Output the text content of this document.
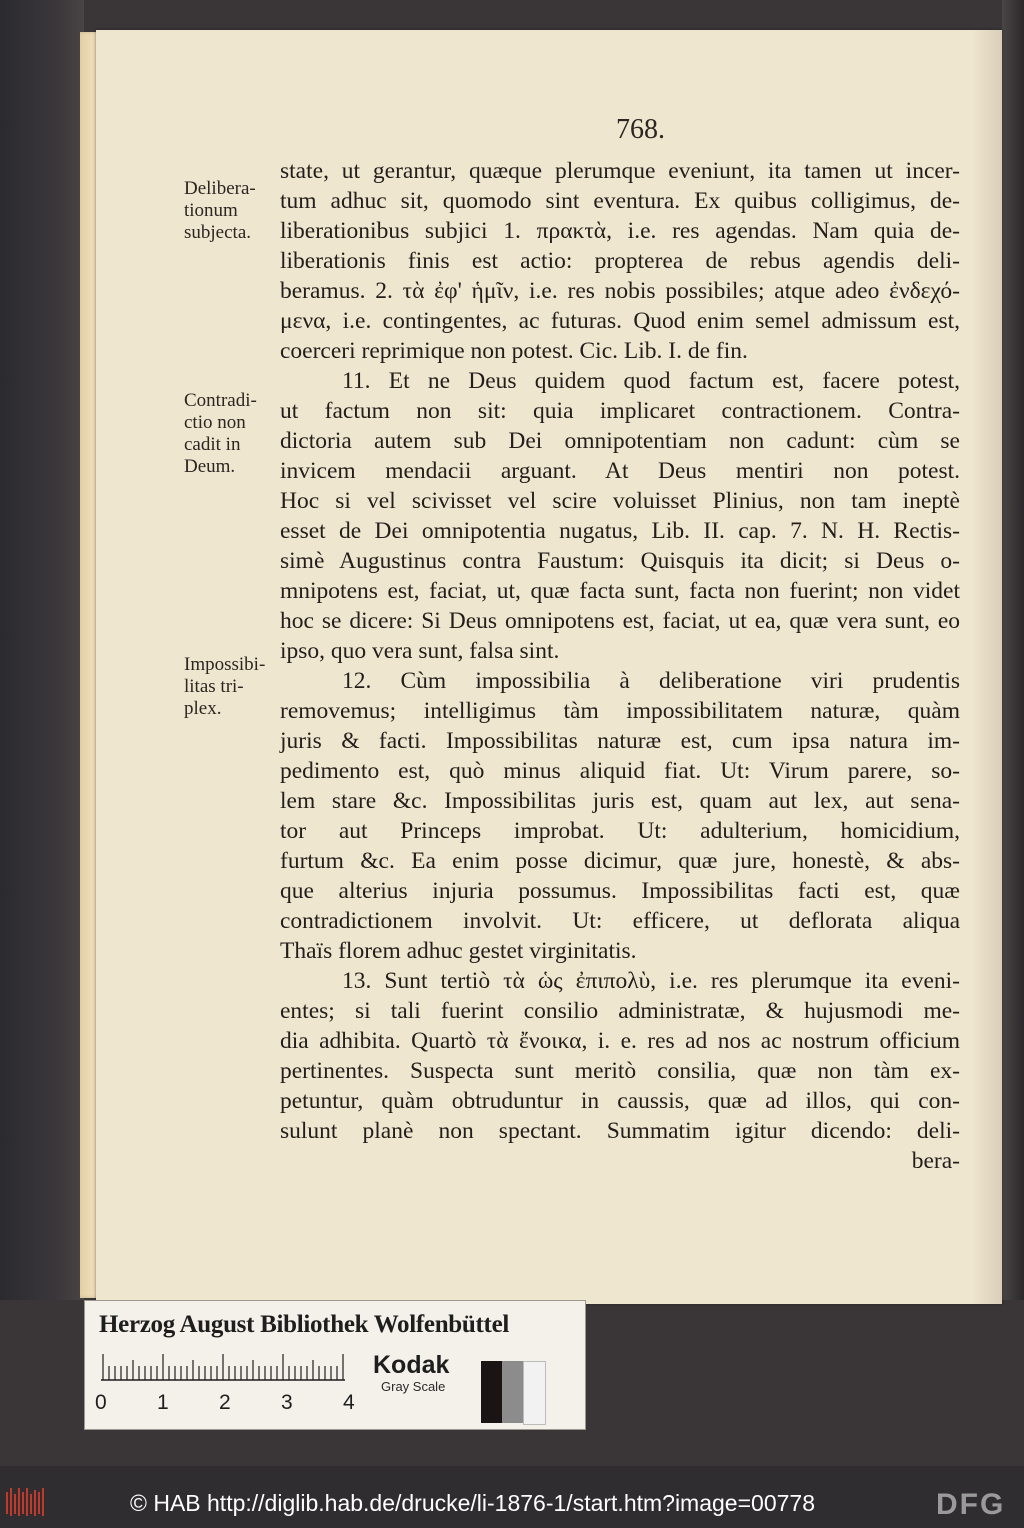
768.
Delibera-
tionum
subjecta.
Contradi-
ctio non
cadit in
Deum.
Impossibi-
litas tri-
plex.
state, ut gerantur, quæque plerumque eveniunt, ita tamen ut incer-
tum adhuc sit, quomodo sint eventura. Ex quibus colligimus, de-
liberationibus subjici 1. πρακτὰ, i.e. res agendas. Nam quia de-
liberationis finis est actio: propterea de rebus agendis deli-
beramus. 2. τὰ ἐφ' ἡμῖν, i.e. res nobis possibiles; atque adeo ἐνδεχό-
μενα, i.e. contingentes, ac futuras. Quod enim semel admissum est,
coerceri reprimique non potest. Cic. Lib. I. de fin.
11. Et ne Deus quidem quod factum est, facere potest,
ut factum non sit: quia implicaret contractionem. Contra-
dictoria autem sub Dei omnipotentiam non cadunt: cùm se
invicem mendacii arguant. At Deus mentiri non potest.
Hoc si vel scivisset vel scire voluisset Plinius, non tam ineptè
esset de Dei omnipotentia nugatus, Lib. II. cap. 7. N. H. Rectis-
simè Augustinus contra Faustum: Quisquis ita dicit; si Deus o-
mnipotens est, faciat, ut, quæ facta sunt, facta non fuerint; non videt
hoc se dicere: Si Deus omnipotens est, faciat, ut ea, quæ vera sunt, eo
ipso, quo vera sunt, falsa sint.
12. Cùm impossibilia à deliberatione viri prudentis
removemus; intelligimus tàm impossibilitatem naturæ, quàm
juris & facti. Impossibilitas naturæ est, cum ipsa natura im-
pedimento est, quò minus aliquid fiat. Ut: Virum parere, so-
lem stare &c. Impossibilitas juris est, quam aut lex, aut sena-
tor aut Princeps improbat. Ut: adulterium, homicidium,
furtum &c. Ea enim posse dicimur, quæ jure, honestè, & abs-
que alterius injuria possumus. Impossibilitas facti est, quæ
contradictionem involvit. Ut: efficere, ut deflorata aliqua
Thaïs florem adhuc gestet virginitatis.
13. Sunt tertiò τὰ ὡς ἐπιπολὺ, i.e. res plerumque ita eveni-
entes; si tali fuerint consilio administratæ, & hujusmodi me-
dia adhibita. Quartò τὰ ἔνοικα, i. e. res ad nos ac nostrum officium
pertinentes. Suspecta sunt meritò consilia, quæ non tàm ex-
petuntur, quàm obtruduntur in caussis, quæ ad illos, qui con-
sulunt planè non spectant. Summatim igitur dicendo: deli-
bera-
Herzog August Bibliothek Wolfenbüttel
0 1 2 3 4
Kodak
Gray Scale
© HAB http://diglib.hab.de/drucke/li-1876-1/start.htm?image=00778	DFG
